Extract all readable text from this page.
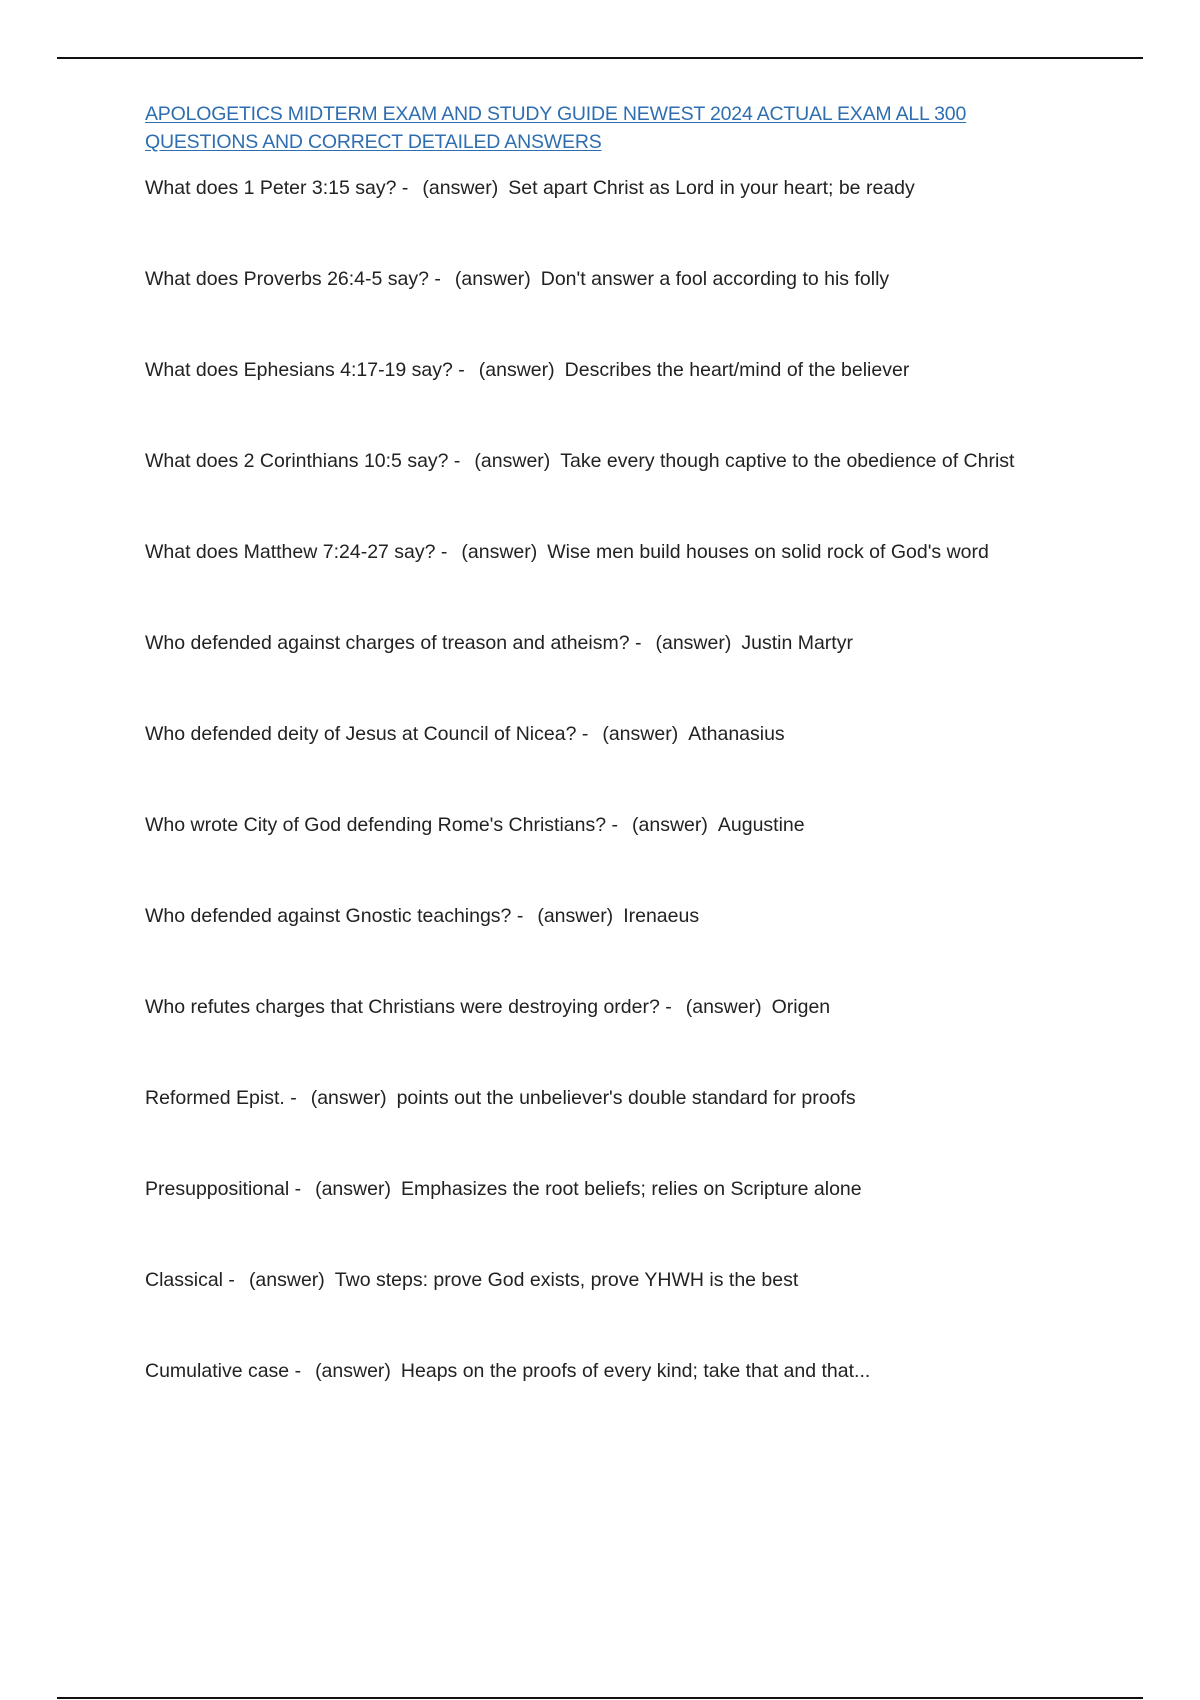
APOLOGETICS MIDTERM EXAM AND STUDY GUIDE NEWEST 2024 ACTUAL EXAM ALL 300 QUESTIONS AND CORRECT DETAILED ANSWERS
What does 1 Peter 3:15 say? - (answer) Set apart Christ as Lord in your heart; be ready
What does Proverbs 26:4-5 say? - (answer) Don't answer a fool according to his folly
What does Ephesians 4:17-19 say? - (answer) Describes the heart/mind of the believer
What does 2 Corinthians 10:5 say? - (answer) Take every though captive to the obedience of Christ
What does Matthew 7:24-27 say? - (answer) Wise men build houses on solid rock of God's word
Who defended against charges of treason and atheism? - (answer) Justin Martyr
Who defended deity of Jesus at Council of Nicea? - (answer) Athanasius
Who wrote City of God defending Rome's Christians? - (answer) Augustine
Who defended against Gnostic teachings? - (answer) Irenaeus
Who refutes charges that Christians were destroying order? - (answer) Origen
Reformed Epist. - (answer) points out the unbeliever's double standard for proofs
Presuppositional - (answer) Emphasizes the root beliefs; relies on Scripture alone
Classical - (answer) Two steps: prove God exists, prove YHWH is the best
Cumulative case - (answer) Heaps on the proofs of every kind; take that and that...
